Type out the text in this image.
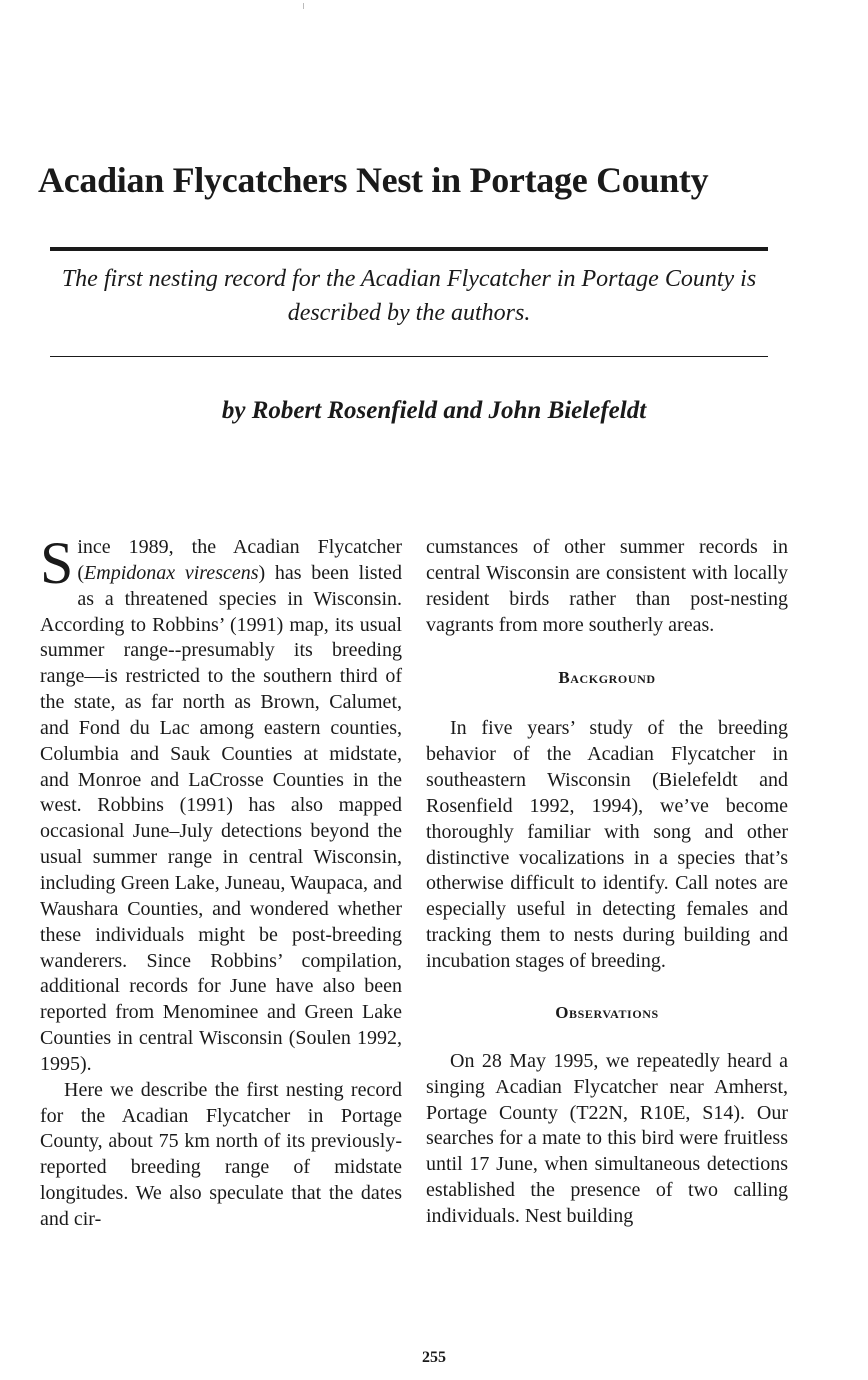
Acadian Flycatchers Nest in Portage County
The first nesting record for the Acadian Flycatcher in Portage County is described by the authors.
by Robert Rosenfield and John Bielefeldt

Since 1989, the Acadian Flycatcher (Empidonax virescens) has been listed as a threatened species in Wisconsin. According to Robbins’ (1991) map, its usual summer range--presumably its breeding range—is restricted to the southern third of the state, as far north as Brown, Calumet, and Fond du Lac among eastern counties, Columbia and Sauk Counties at midstate, and Monroe and LaCrosse Counties in the west. Robbins (1991) has also mapped occasional June–July detections beyond the usual summer range in central Wisconsin, including Green Lake, Juneau, Waupaca, and Waushara Counties, and wondered whether these individuals might be post-breeding wanderers. Since Robbins’ compilation, additional records for June have also been reported from Menominee and Green Lake Counties in central Wisconsin (Soulen 1992, 1995).

Here we describe the first nesting record for the Acadian Flycatcher in Portage County, about 75 km north of its previously-reported breeding range of midstate longitudes. We also speculate that the dates and cir-

cumstances of other summer records in central Wisconsin are consistent with locally resident birds rather than post-nesting vagrants from more southerly areas.

Background

In five years’ study of the breeding behavior of the Acadian Flycatcher in southeastern Wisconsin (Bielefeldt and Rosenfield 1992, 1994), we’ve become thoroughly familiar with song and other distinctive vocalizations in a species that’s otherwise difficult to identify. Call notes are especially useful in detecting females and tracking them to nests during building and incubation stages of breeding.

Observations

On 28 May 1995, we repeatedly heard a singing Acadian Flycatcher near Amherst, Portage County (T22N, R10E, S14). Our searches for a mate to this bird were fruitless until 17 June, when simultaneous detections established the presence of two calling individuals. Nest building

255
